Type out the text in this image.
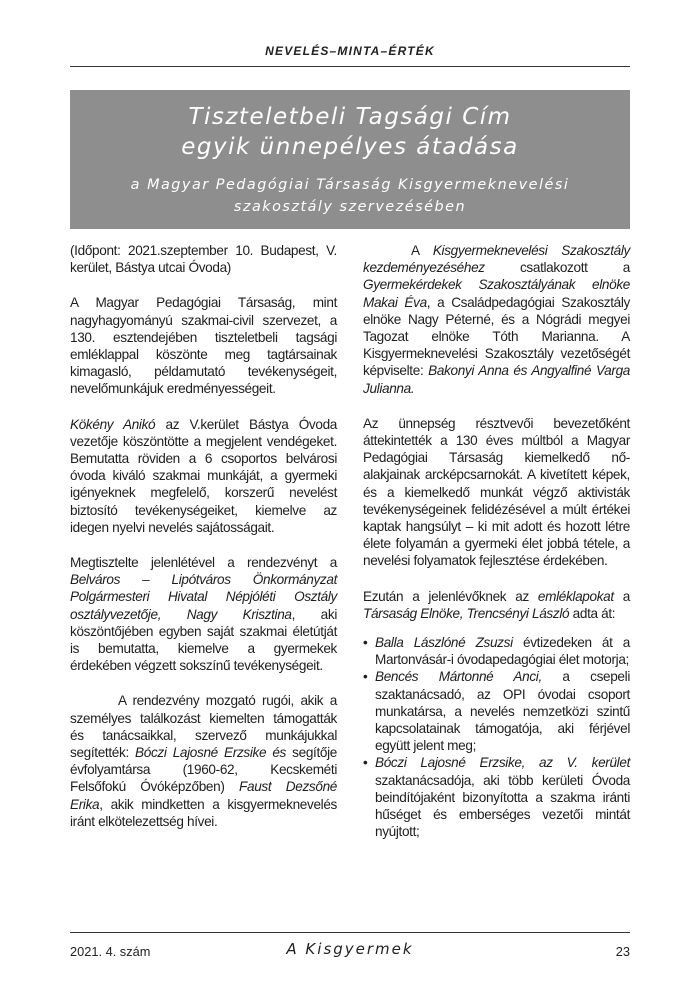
NEVELÉS–MINTA–ÉRTÉK
Tiszteletbeli Tagsági Cím
egyik ünnepélyes átadása
a Magyar Pedagógiai Társaság Kisgyermeknevelési szakosztály szervezésében

(Időpont: 2021.szeptember 10. Budapest, V. kerület, Bástya utcai Óvoda)

A Magyar Pedagógiai Társaság, mint nagyhagyományú szakmai-civil szervezet, a 130. esztendejében tiszteletbeli tagsági emléklappal köszönte meg tagtársainak kimagasló, példamutató tevékenységeit, nevelőmunkájuk eredményességeit.

Kökény Anikó az V.kerület Bástya Óvoda vezetője köszöntötte a megjelent vendégeket. Bemutatta röviden a 6 csoportos belvárosi óvoda kiváló szakmai munkáját, a gyermeki igényeknek megfelelő, korszerű nevelést biztosító tevékenységeiket, kiemelve az idegen nyelvi nevelés sajátosságait.

Megtisztelte jelenlétével a rendezvényt a Belváros – Lipótváros Önkormányzat Polgármesteri Hivatal Népjóléti Osztály osztályvezetője, Nagy Krisztina, aki köszöntőjében egyben saját szakmai életútját is bemutatta, kiemelve a gyermekek érdekében végzett sokszínű tevékenységeit.

A rendezvény mozgató rugói, akik a személyes találkozást kiemelten támogatták és tanácsaikkal, szervező munkájukkal segítették: Bóczi Lajosné Erzsike és segítője évfolyamtársa (1960-62, Kecskeméti Felsőfokú Óvóképzőben) Faust Dezsőné Erika, akik mindketten a kisgyermeknevelés iránt elkötelezettség hívei.

A Kisgyermeknevelési Szakosztály kezdeményezéséhez csatlakozott a Gyermekérdekek Szakosztályának elnöke Makai Éva, a Családpedagógiai Szakosztály elnöke Nagy Péterné, és a Nógrádi megyei Tagozat elnöke Tóth Marianna. A Kisgyermeknevelési Szakosztály vezetőségét képviselte: Bakonyi Anna és Angyalfiné Varga Julianna.

Az ünnepség résztvevői bevezetőként áttekintették a 130 éves múltból a Magyar Pedagógiai Társaság kiemelkedő nő-alakjainak arcképcsarnokát. A kivetített képek, és a kiemelkedő munkát végző aktivisták tevékenységeinek felidézésével a múlt értékei kaptak hangsúlyt – ki mit adott és hozott létre élete folyamán a gyermeki élet jobbá tétele, a nevelési folyamatok fejlesztése érdekében.

Ezután a jelenlévőknek az emléklapokat a Társaság Elnöke, Trencsényi László adta át:

• Balla Lászlóné Zsuzsi évtizedeken át a Martonvásár-i óvodapedagógiai élet motorja;
• Bencés Mártonné Anci, a csepeli szaktanácsadó, az OPI óvodai csoport munkatársa, a nevelés nemzetközi szintű kapcsolatainak támogatója, aki férjével együtt jelent meg;
• Bóczi Lajosné Erzsike, az V. kerület szaktanácsadója, aki több kerületi Óvoda beindítójaként bizonyította a szakma iránti hűséget és emberséges vezetői mintát nyújtott;
2021. 4. szám	A Kisgyermek	23
